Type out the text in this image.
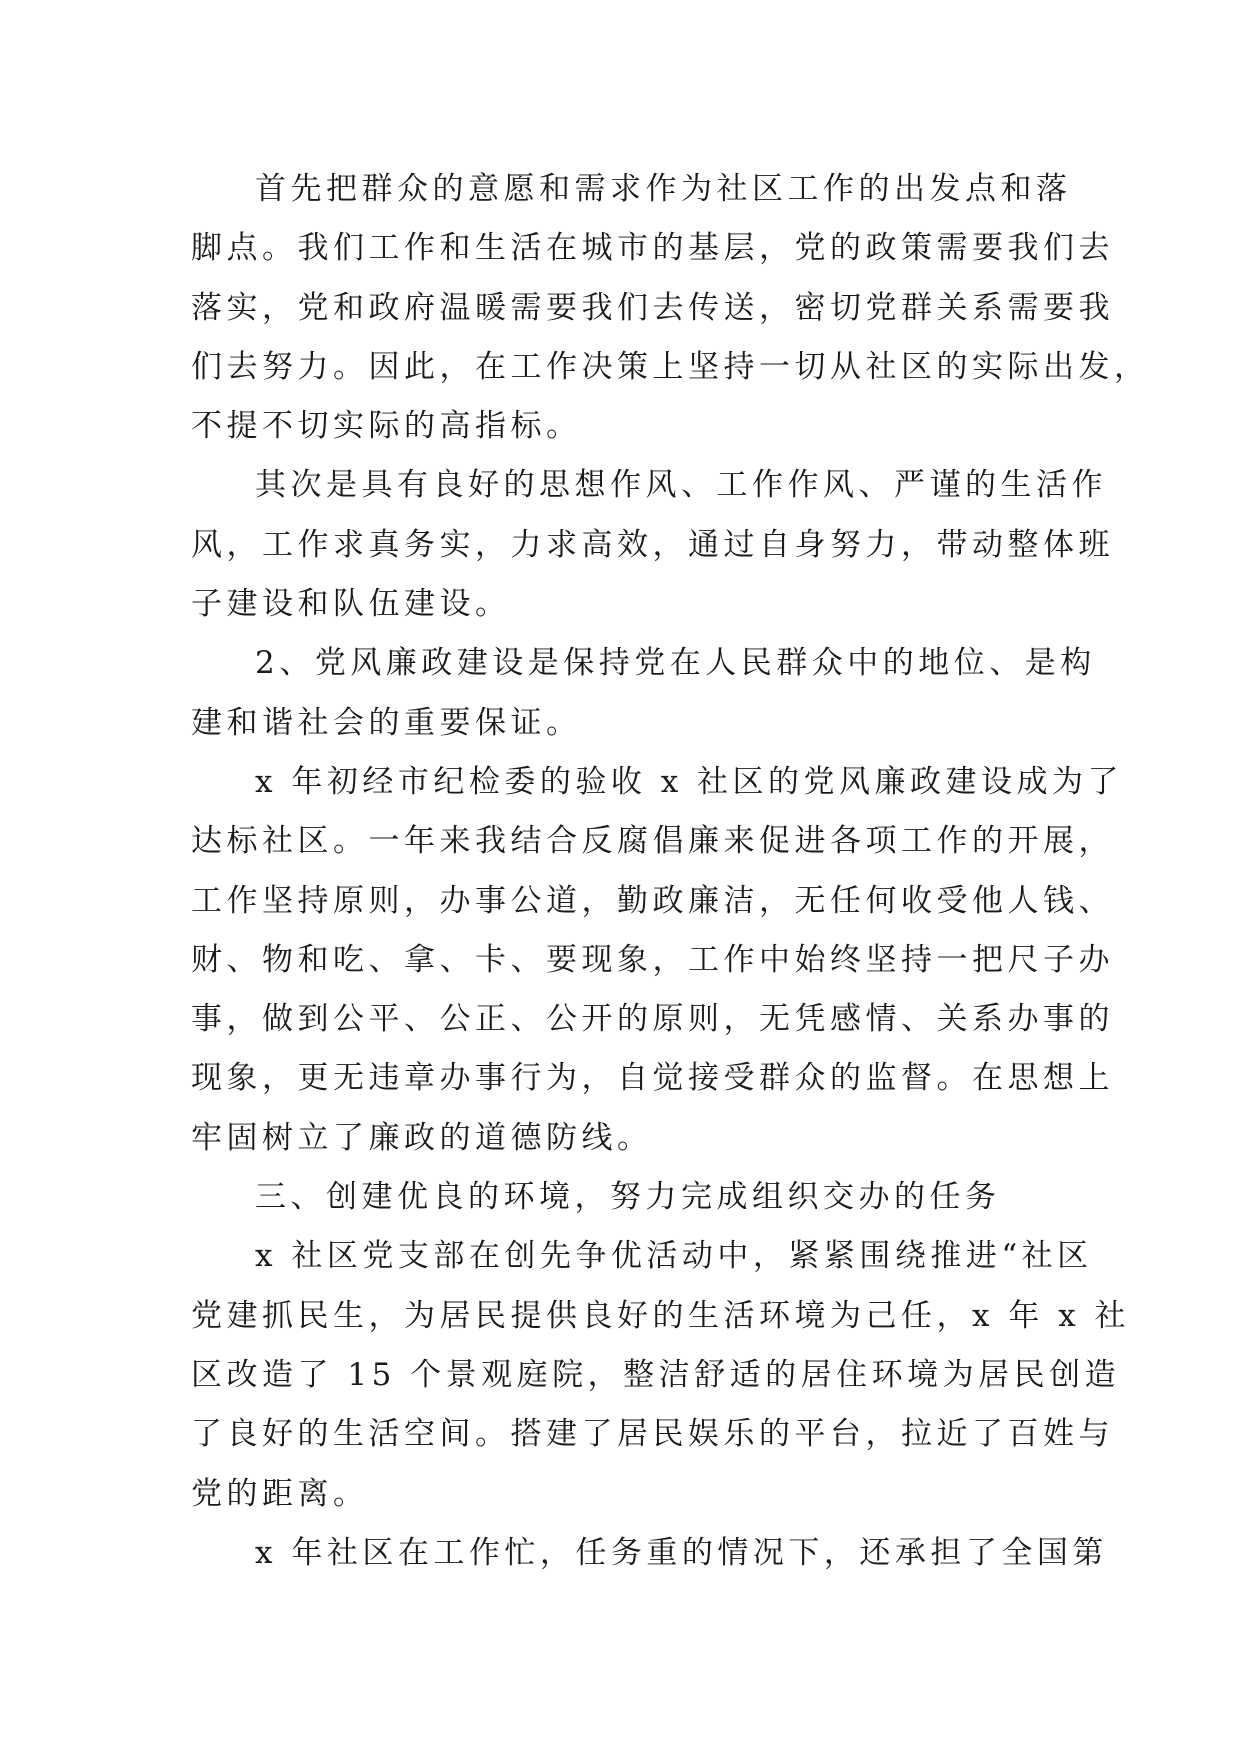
首先把群众的意愿和需求作为社区工作的出发点和落
脚点。我们工作和生活在城市的基层，党的政策需要我们去
落实，党和政府温暖需要我们去传送，密切党群关系需要我
们去努力。因此，在工作决策上坚持一切从社区的实际出发，
不提不切实际的高指标。
其次是具有良好的思想作风、工作作风、严谨的生活作
风，工作求真务实，力求高效，通过自身努力，带动整体班
子建设和队伍建设。
2、党风廉政建设是保持党在人民群众中的地位、是构
建和谐社会的重要保证。
x 年初经市纪检委的验收 x 社区的党风廉政建设成为了
达标社区。一年来我结合反腐倡廉来促进各项工作的开展，
工作坚持原则，办事公道，勤政廉洁，无任何收受他人钱、
财、物和吃、拿、卡、要现象，工作中始终坚持一把尺子办
事，做到公平、公正、公开的原则，无凭感情、关系办事的
现象，更无违章办事行为，自觉接受群众的监督。在思想上
牢固树立了廉政的道德防线。
三、创建优良的环境，努力完成组织交办的任务
x 社区党支部在创先争优活动中，紧紧围绕推进“社区
党建抓民生，为居民提供良好的生活环境为己任，x 年 x 社
区改造了 15 个景观庭院，整洁舒适的居住环境为居民创造
了良好的生活空间。搭建了居民娱乐的平台，拉近了百姓与
党的距离。
x 年社区在工作忙，任务重的情况下，还承担了全国第
